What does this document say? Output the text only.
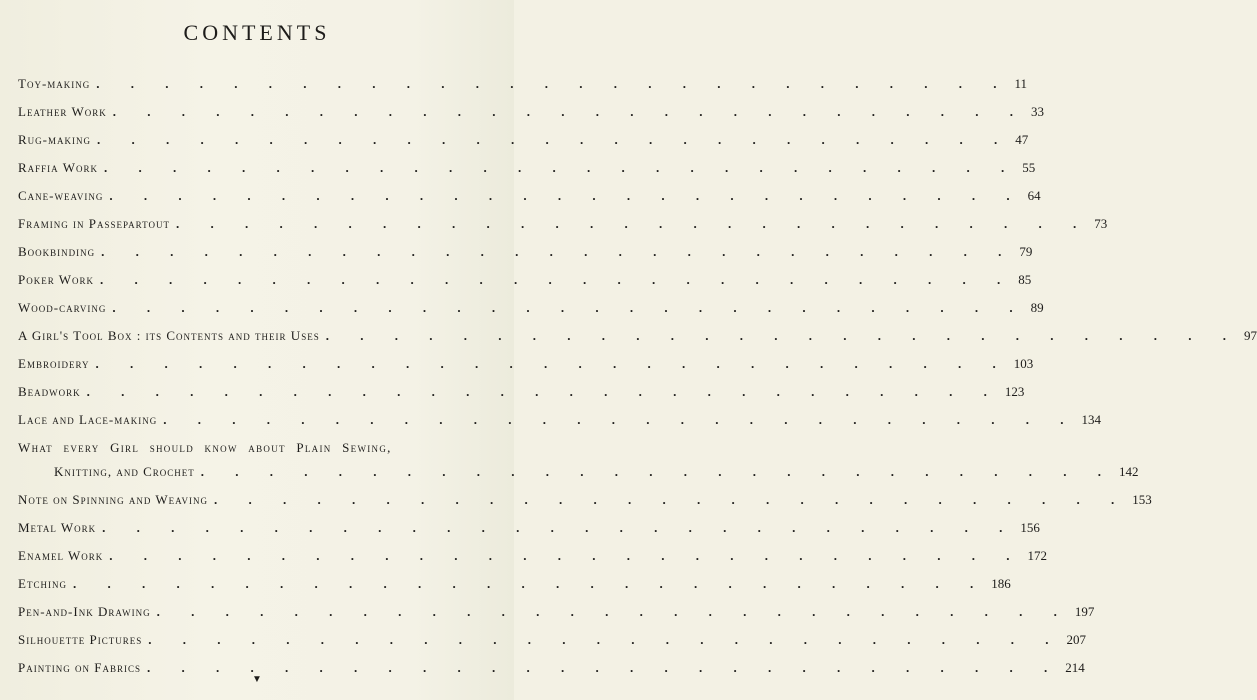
CONTENTS
Toy-making . . . . . . . . . . . . . . . . . . . . . . . . . . . 11
Leather Work . . . . . . . . . . . . . . . . . . . . . . . . . . . 33
Rug-making . . . . . . . . . . . . . . . . . . . . . . . . . . . 47
Raffia Work . . . . . . . . . . . . . . . . . . . . . . . . . . . 55
Cane-weaving . . . . . . . . . . . . . . . . . . . . . . . . . . . 64
Framing in Passepartout . . . . . . . . . . . . . . . . . . . . . . . . . . . 73
Bookbinding . . . . . . . . . . . . . . . . . . . . . . . . . . . 79
Poker Work . . . . . . . . . . . . . . . . . . . . . . . . . . . 85
Wood-carving . . . . . . . . . . . . . . . . . . . . . . . . . . . 89
A Girl's Tool Box : its Contents and their Uses . . . . . . . . . . . . . . . . . . . . . . . . . . . 97
Embroidery . . . . . . . . . . . . . . . . . . . . . . . . . . . 103
Beadwork . . . . . . . . . . . . . . . . . . . . . . . . . . . 123
Lace and Lace-making . . . . . . . . . . . . . . . . . . . . . . . . . . . 134
What every Girl should know about Plain Sewing,
Knitting, and Crochet . . . . . . . . . . . . . . . . . . . . . . . . . . . 142
Note on Spinning and Weaving . . . . . . . . . . . . . . . . . . . . . . . . . . . 153
Metal Work . . . . . . . . . . . . . . . . . . . . . . . . . . . 156
Enamel Work . . . . . . . . . . . . . . . . . . . . . . . . . . . 172
Etching . . . . . . . . . . . . . . . . . . . . . . . . . . . 186
Pen-and-Ink Drawing . . . . . . . . . . . . . . . . . . . . . . . . . . . 197
Silhouette Pictures . . . . . . . . . . . . . . . . . . . . . . . . . . . 207
Painting on Fabrics . . . . . . . . . . . . . . . . . . . . . . . . . . . 214
▼
